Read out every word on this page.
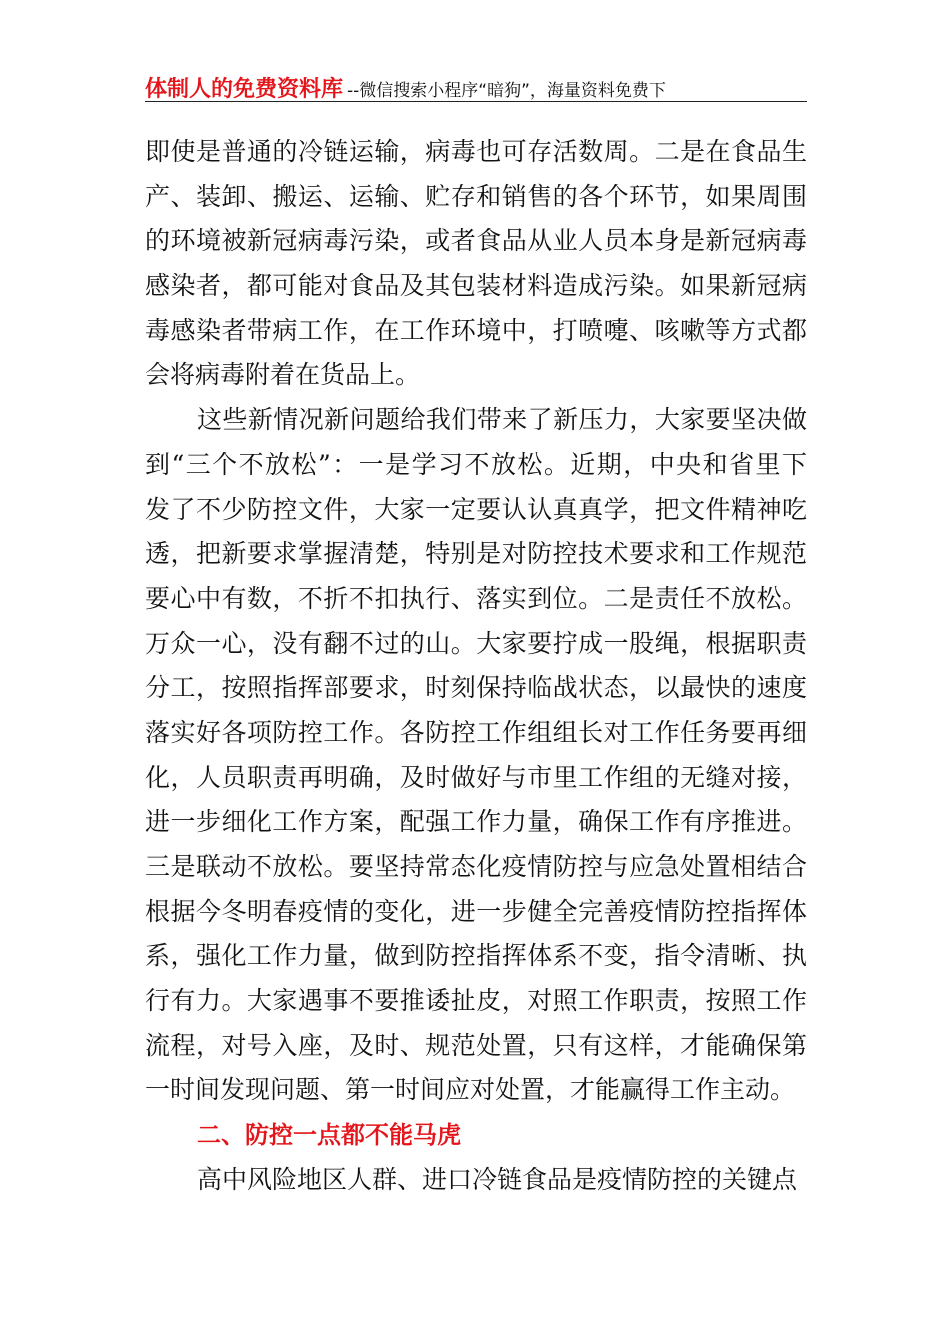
体制人的免费资料库 --微信搜索小程序“暗狗”，海量资料免费下
即使是普通的冷链运输，病毒也可存活数周。二是在食品生
产、装卸、搬运、运输、贮存和销售的各个环节，如果周围
的环境被新冠病毒污染，或者食品从业人员本身是新冠病毒
感染者，都可能对食品及其包装材料造成污染。如果新冠病
毒感染者带病工作，在工作环境中，打喷嚏、咳嗽等方式都
会将病毒附着在货品上。
这些新情况新问题给我们带来了新压力，大家要坚决做
到“三个不放松”：一是学习不放松。近期，中央和省里下
发了不少防控文件，大家一定要认认真真学，把文件精神吃
透，把新要求掌握清楚，特别是对防控技术要求和工作规范
要心中有数，不折不扣执行、落实到位。二是责任不放松。
万众一心，没有翻不过的山。大家要拧成一股绳，根据职责
分工，按照指挥部要求，时刻保持临战状态，以最快的速度
落实好各项防控工作。各防控工作组组长对工作任务要再细
化，人员职责再明确，及时做好与市里工作组的无缝对接，
进一步细化工作方案，配强工作力量，确保工作有序推进。
三是联动不放松。要坚持常态化疫情防控与应急处置相结合
根据今冬明春疫情的变化，进一步健全完善疫情防控指挥体
系，强化工作力量，做到防控指挥体系不变，指令清晰、执
行有力。大家遇事不要推诿扯皮，对照工作职责，按照工作
流程，对号入座，及时、规范处置，只有这样，才能确保第
一时间发现问题、第一时间应对处置，才能赢得工作主动。
二、防控一点都不能马虎
高中风险地区人群、进口冷链食品是疫情防控的关键点
